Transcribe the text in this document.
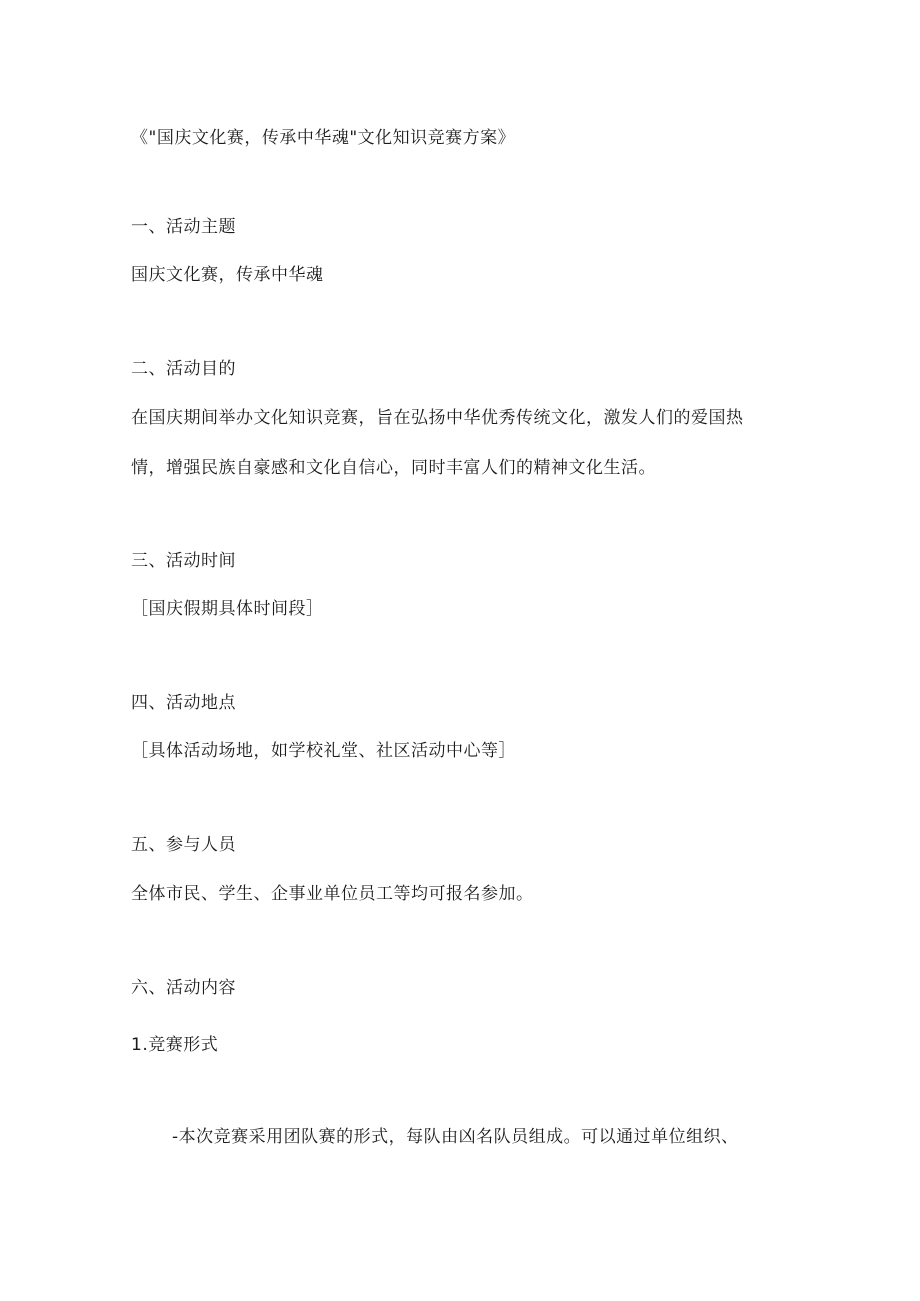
《"国庆文化赛，传承中华魂"文化知识竞赛方案》
一、活动主题
国庆文化赛，传承中华魂
二、活动目的
在国庆期间举办文化知识竞赛，旨在弘扬中华优秀传统文化，激发人们的爱国热
情，增强民族自豪感和文化自信心，同时丰富人们的精神文化生活。
三、活动时间
［国庆假期具体时间段］
四、活动地点
［具体活动场地，如学校礼堂、社区活动中心等］
五、参与人员
全体市民、学生、企事业单位员工等均可报名参加。
六、活动内容
1.竞赛形式
-本次竞赛采用团队赛的形式，每队由凶名队员组成。可以通过单位组织、
